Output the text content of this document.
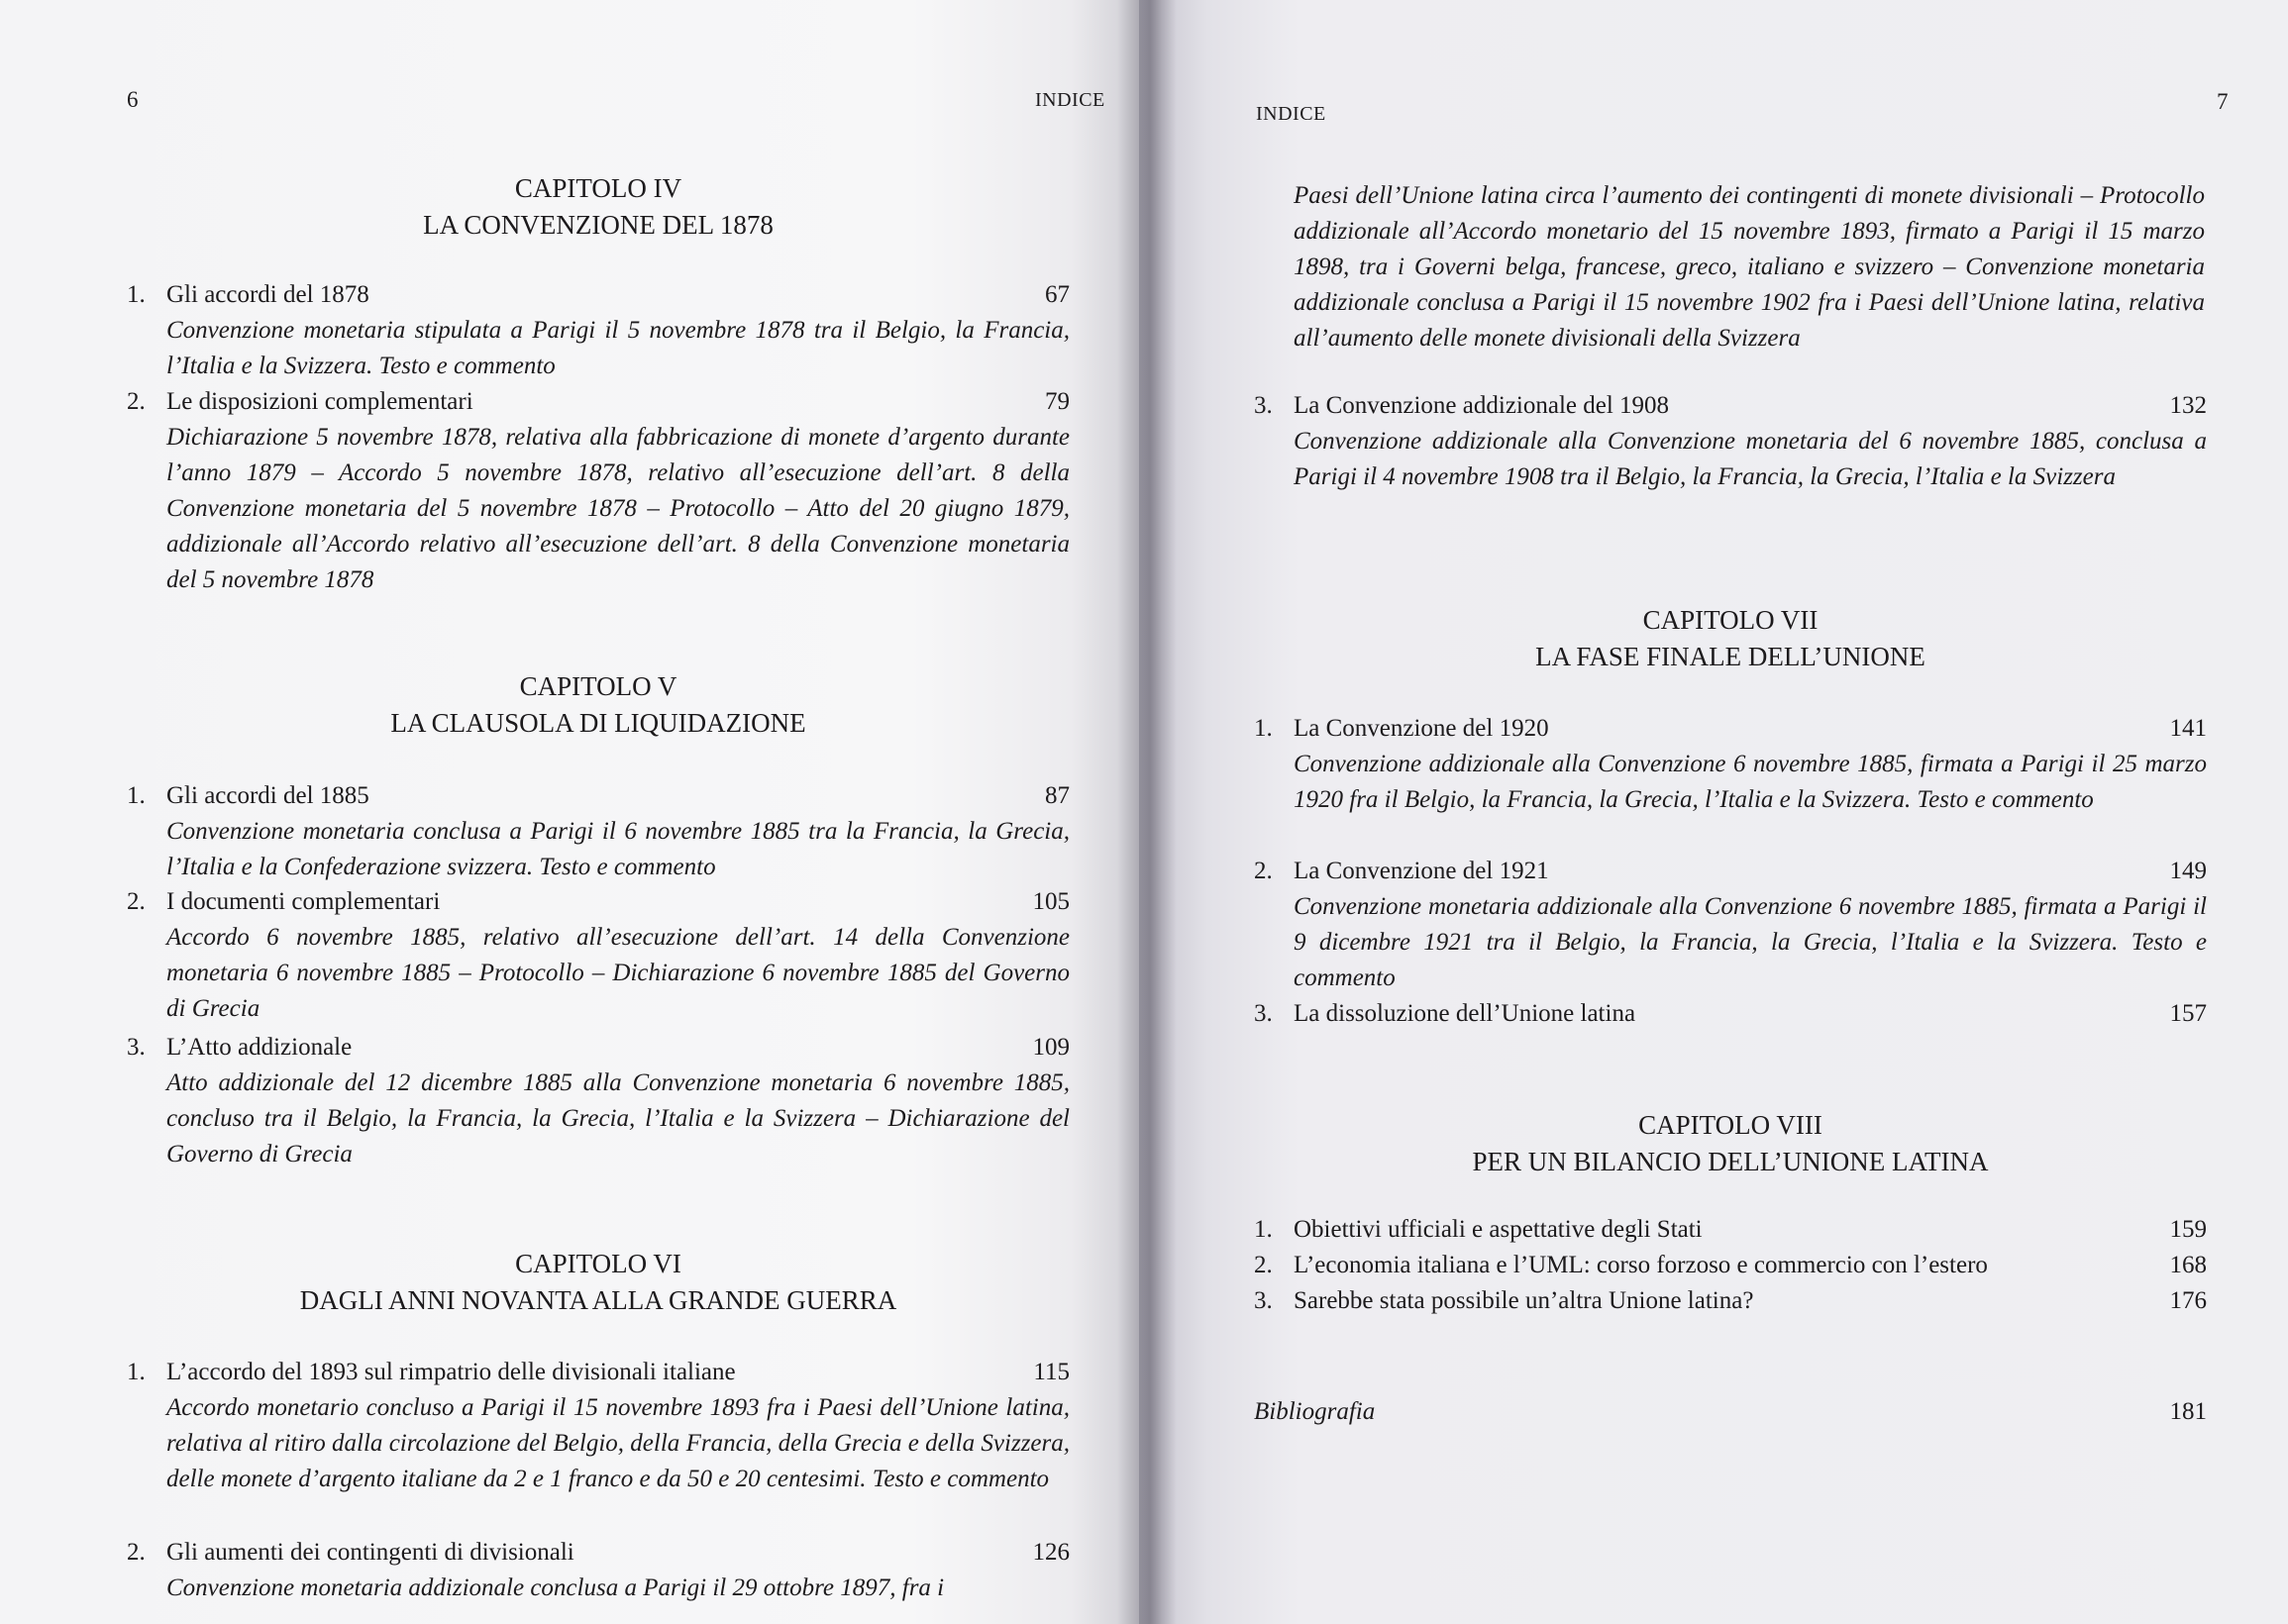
6	INDICE
CAPITOLO IV
LA CONVENZIONE DEL 1878
1. Gli accordi del 1878	67
Convenzione monetaria stipulata a Parigi il 5 novembre 1878 tra il Belgio, la Francia, l’Italia e la Svizzera. Testo e commento
2. Le disposizioni complementari	79
Dichiarazione 5 novembre 1878, relativa alla fabbricazione di monete d’argento durante l’anno 1879 – Accordo 5 novembre 1878, relativo all’esecuzione dell’art. 8 della Convenzione monetaria del 5 novembre 1878 – Protocollo – Atto del 20 giugno 1879, addizionale all’Accordo relativo all’esecuzione dell’art. 8 della Convenzione monetaria del 5 novembre 1878
CAPITOLO V
LA CLAUSOLA DI LIQUIDAZIONE
1. Gli accordi del 1885	87
Convenzione monetaria conclusa a Parigi il 6 novembre 1885 tra la Francia, la Grecia, l’Italia e la Confederazione svizzera. Testo e commento
2. I documenti complementari	105
Accordo 6 novembre 1885, relativo all’esecuzione dell’art. 14 della Convenzione monetaria 6 novembre 1885 – Protocollo – Dichiarazione 6 novembre 1885 del Governo di Grecia
3. L’Atto addizionale	109
Atto addizionale del 12 dicembre 1885 alla Convenzione monetaria 6 novembre 1885, concluso tra il Belgio, la Francia, la Grecia, l’Italia e la Svizzera – Dichiarazione del Governo di Grecia
CAPITOLO VI
DAGLI ANNI NOVANTA ALLA GRANDE GUERRA
1. L’accordo del 1893 sul rimpatrio delle divisionali italiane	115
Accordo monetario concluso a Parigi il 15 novembre 1893 fra i Paesi dell’Unione latina, relativa al ritiro dalla circolazione del Belgio, della Francia, della Grecia e della Svizzera, delle monete d’argento italiane da 2 e 1 franco e da 50 e 20 centesimi. Testo e commento
2. Gli aumenti dei contingenti di divisionali	126
Convenzione monetaria addizionale conclusa a Parigi il 29 ottobre 1897, fra i
INDICE	7
Paesi dell’Unione latina circa l’aumento dei contingenti di monete divisionali – Protocollo addizionale all’Accordo monetario del 15 novembre 1893, firmato a Parigi il 15 marzo 1898, tra i Governi belga, francese, greco, italiano e svizzero – Convenzione monetaria addizionale conclusa a Parigi il 15 novembre 1902 fra i Paesi dell’Unione latina, relativa all’aumento delle monete divisionali della Svizzera
3. La Convenzione addizionale del 1908	132
Convenzione addizionale alla Convenzione monetaria del 6 novembre 1885, conclusa a Parigi il 4 novembre 1908 tra il Belgio, la Francia, la Grecia, l’Italia e la Svizzera
CAPITOLO VII
LA FASE FINALE DELL’UNIONE
1. La Convenzione del 1920	141
Convenzione addizionale alla Convenzione 6 novembre 1885, firmata a Parigi il 25 marzo 1920 fra il Belgio, la Francia, la Grecia, l’Italia e la Svizzera. Testo e commento
2. La Convenzione del 1921	149
Convenzione monetaria addizionale alla Convenzione 6 novembre 1885, firmata a Parigi il 9 dicembre 1921 tra il Belgio, la Francia, la Grecia, l’Italia e la Svizzera. Testo e commento
3. La dissoluzione dell’Unione latina	157
CAPITOLO VIII
PER UN BILANCIO DELL’UNIONE LATINA
1. Obiettivi ufficiali e aspettative degli Stati	159
2. L’economia italiana e l’UML: corso forzoso e commercio con l’estero	168
3. Sarebbe stata possibile un’altra Unione latina?	176
Bibliografia	181
